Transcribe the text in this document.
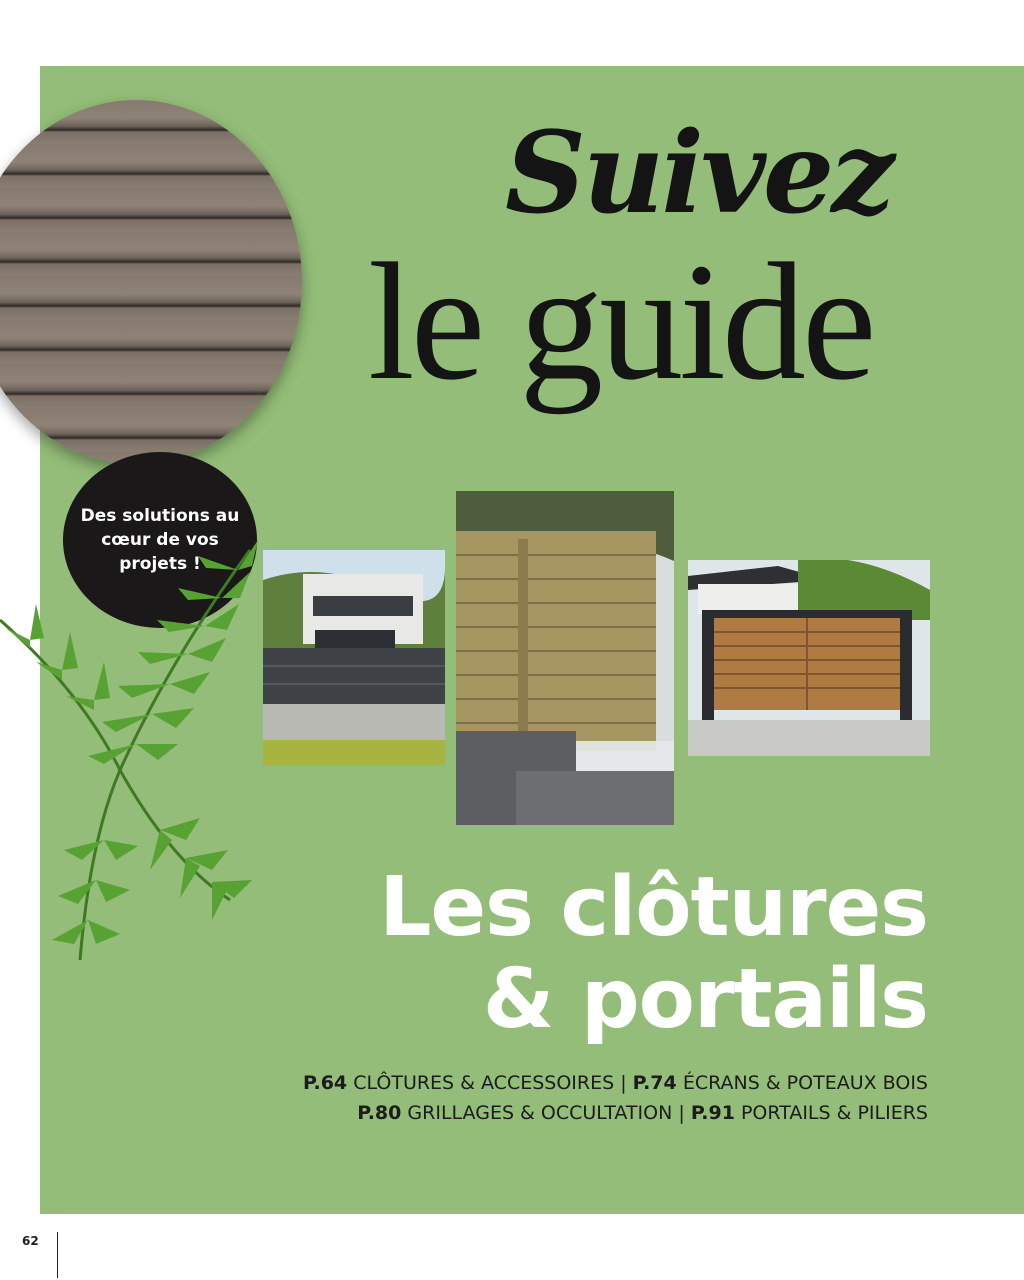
Suivez
le guide
Des solutions au cœur de vos projets !
Les clôtures
& portails
P.64 CLÔTURES & ACCESSOIRES | P.74 ÉCRANS & POTEAUX BOIS
P.80 GRILLAGES & OCCULTATION | P.91 PORTAILS & PILIERS
62
